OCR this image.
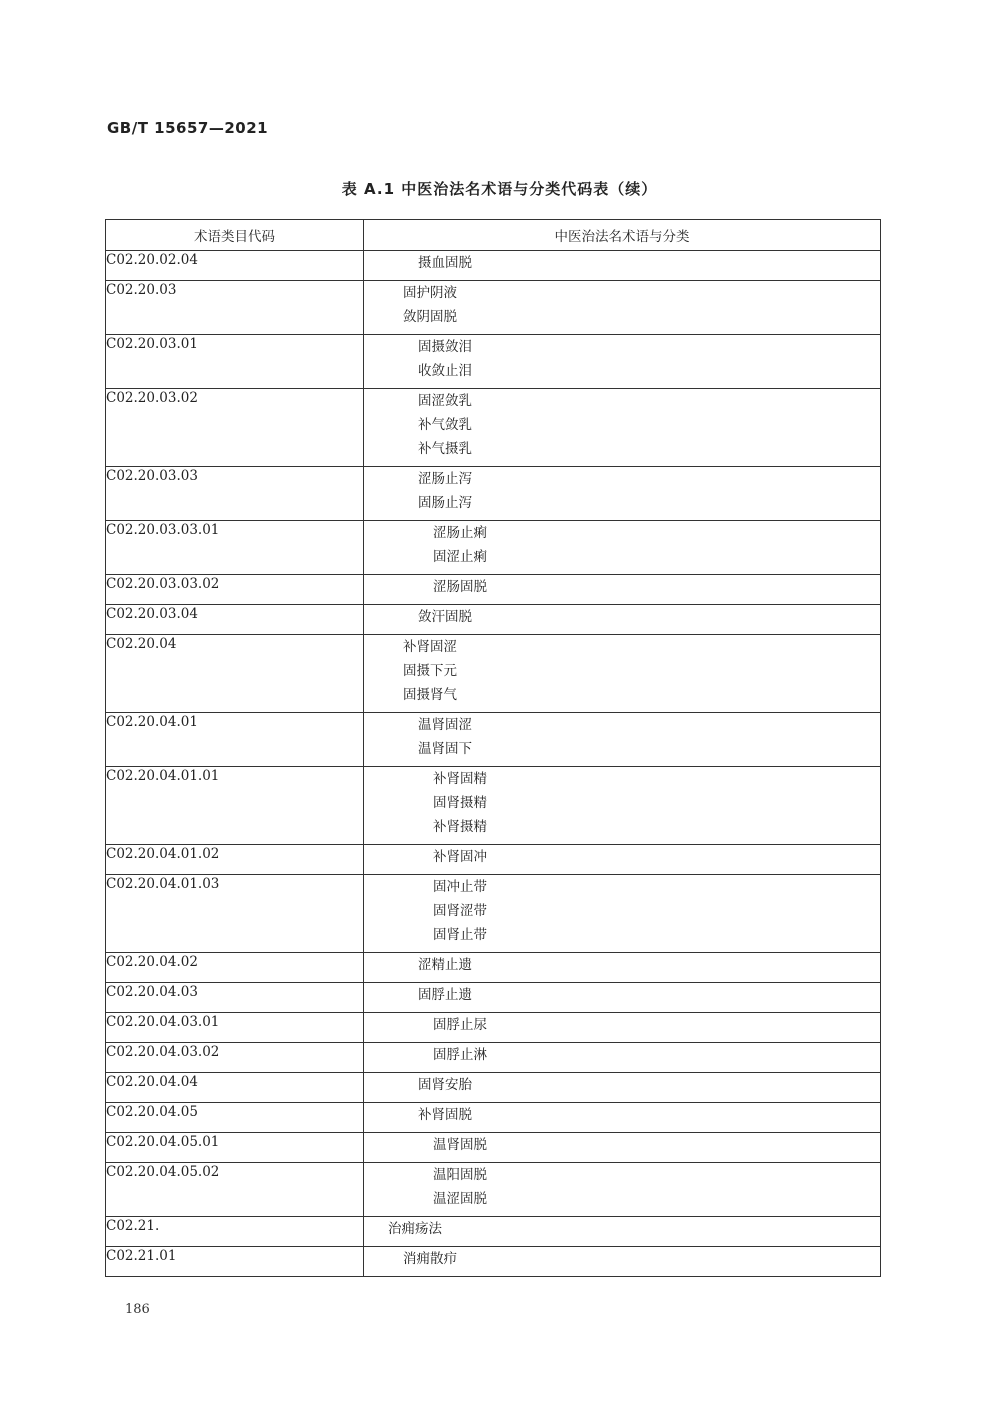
GB/T 15657—2021
表 A.1 中医治法名术语与分类代码表（续）
术语类目代码	中医治法名术语与分类
C02.20.02.04	摄血固脱

C02.20.03	固护阴液
敛阴固脱

C02.20.03.01	固摄敛泪
收敛止泪

C02.20.03.02	固涩敛乳
补气敛乳
补气摄乳

C02.20.03.03	涩肠止泻
固肠止泻

C02.20.03.03.01	涩肠止痢
固涩止痢

C02.20.03.03.02	涩肠固脱

C02.20.03.04	敛汗固脱

C02.20.04	补肾固涩
固摄下元
固摄肾气

C02.20.04.01	温肾固涩
温肾固下

C02.20.04.01.01	补肾固精
固肾摄精
补肾摄精

C02.20.04.01.02	补肾固冲

C02.20.04.01.03	固冲止带
固肾涩带
固肾止带

C02.20.04.02	涩精止遗

C02.20.04.03	固脬止遗

C02.20.04.03.01	固脬止尿

C02.20.04.03.02	固脬止淋

C02.20.04.04	固肾安胎

C02.20.04.05	补肾固脱

C02.20.04.05.01	温肾固脱

C02.20.04.05.02	温阳固脱
温涩固脱

C02.21.	治痈疡法

C02.21.01	消痈散疖
186
